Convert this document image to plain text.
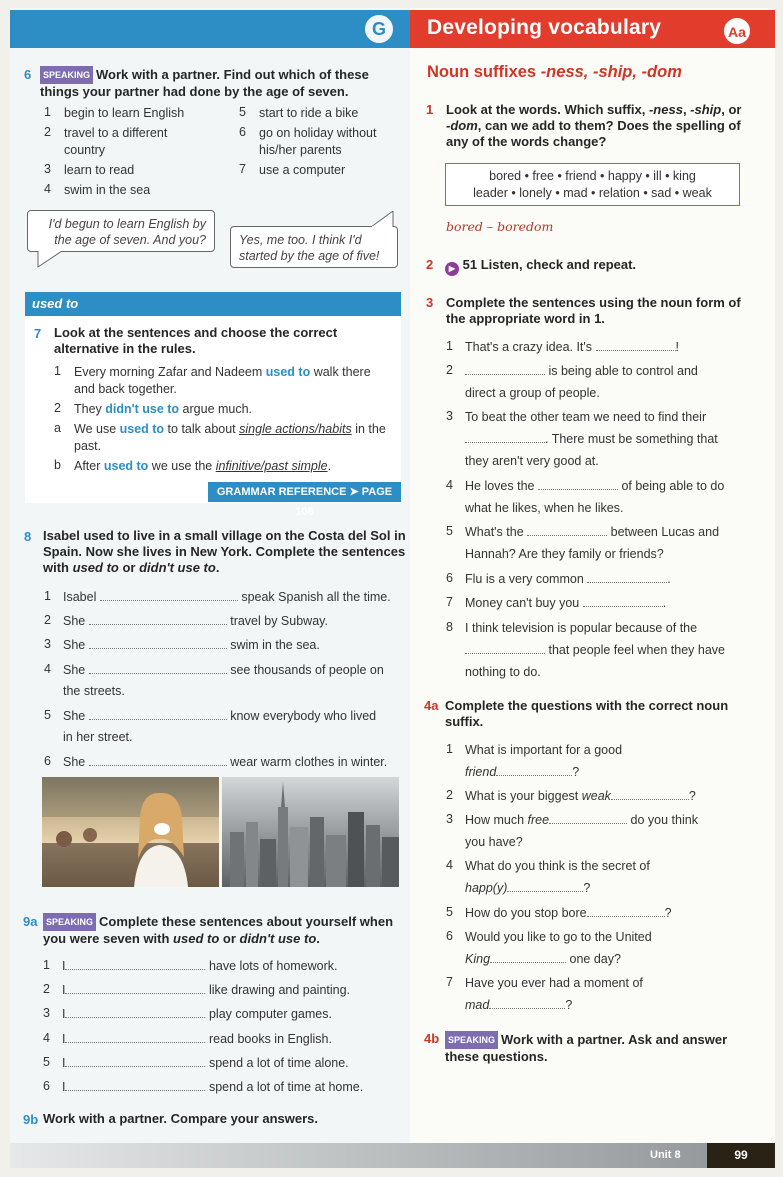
G	Developing vocabulary	Aa
6	SPEAKING Work with a partner. Find out which of these things your partner had done by the age of seven.
1	begin to learn English
2	travel to a different country
3	learn to read
4	swim in the sea
5	start to ride a bike
6	go on holiday without his/her parents
7	use a computer
I'd begun to learn English by the age of seven. And you?	Yes, me too. I think I'd started by the age of five!
used to
7 Look at the sentences and choose the correct alternative in the rules.
1	Every morning Zafar and Nadeem used to walk there and back together.
2	They didn't use to argue much.
a	We use used to to talk about single actions/habits in the past.
b	After used to we use the infinitive/past simple.
GRAMMAR REFERENCE ➤ PAGE 106
8 Isabel used to live in a small village on the Costa del Sol in Spain. Now she lives in New York. Complete the sentences with used to or didn't use to.
9a SPEAKING Complete these sentences about yourself when you were seven with used to or didn't use to.
9b Work with a partner. Compare your answers.
Noun suffixes -ness, -ship, -dom
1 Look at the words. Which suffix, -ness, -ship, or -dom, can we add to them? Does the spelling of any of the words change?
bored • free • friend • happy • ill • king
leader • lonely • mad • relation • sad • weak
bored – boredom
2	▶ 51 Listen, check and repeat.
3 Complete the sentences using the noun form of the appropriate word in 1.
4a Complete the questions with the correct noun suffix.
4b SPEAKING Work with a partner. Ask and answer these questions.
Unit 8	99
1 Isabel	speak Spanish all the time.
2 She	travel by Subway.
3 She	swim in the sea.
4 She	see thousands of people on
the streets.
5 She	know everybody who lived
in her street.
6 She	wear warm clothes in winter.
1 I	have lots of homework.
2 I	like drawing and painting.
3 I	play computer games.
4 I	read books in English.
5 I	spend a lot of time alone.
6 I	spend a lot of time at home.
1 That's a crazy idea. It's	!
2	is being able to control and
direct a group of people.
3 To beat the other team we need to find their
. There must be something that
they aren't very good at.
4 He loves the	of being able to do
what he likes, when he likes.
5 What's the	between Lucas and
Hannah? Are they family or friends?
6 Flu is a very common	.
7 Money can't buy you	.
8 I think television is popular because of the
that people feel when they have
nothing to do.
1 What is important for a good
friend	?
2 What is your biggest weak	?
3 How much free	do you think
you have?
4 What do you think is the secret of
happ(y)	?
5 How do you stop bore	?
6 Would you like to go to the United
King	one day?
7 Have you ever had a moment of
mad	?
